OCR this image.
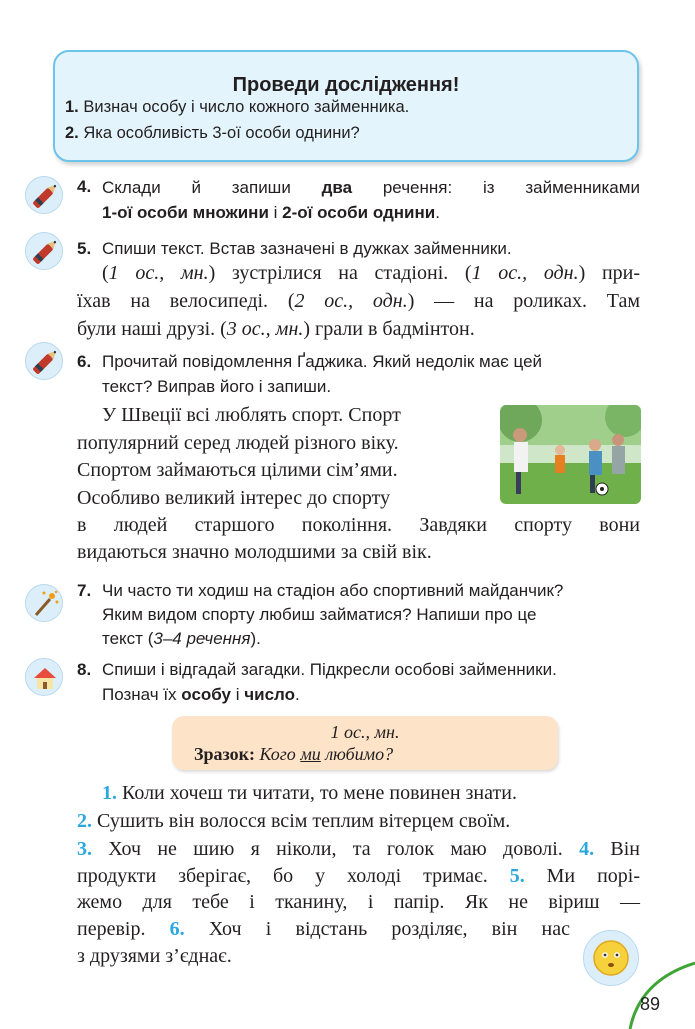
Проведи дослідження!
1. Визнач особу і число кожного займенника.
2. Яка особливість 3-ої особи однини?
4. Склади й запиши два речення: із займенниками
1-ої особи множини і 2-ої особи однини.
5. Спиши текст. Встав зазначені в дужках займенники.
(1 ос., мн.) зустрілися на стадіоні. (1 ос., одн.) при-
їхав на велосипеді. (2 ос., одн.) — на роликах. Там
були наші друзі. (3 ос., мн.) грали в бадмінтон.
6. Прочитай повідомлення Ґаджика. Який недолік має цей
текст? Виправ його і запиши.
У Швеції всі люблять спорт. Спорт
популярний серед людей різного віку.
Спортом займаються цілими сім’ями.
Особливо великий інтерес до спорту
в людей старшого покоління. Завдяки спорту вони
видаються значно молодшими за свій вік.
7. Чи часто ти ходиш на стадіон або спортивний майданчик?
Яким видом спорту любиш займатися? Напиши про це
текст (3–4 речення).
8. Спиши і відгадай загадки. Підкресли особові займенники.
Познач їх особу і число.
1 ос., мн.
Зразок: Кого ми любимо?
1. Коли хочеш ти читати, то мене повинен знати.
2. Сушить він волосся всім теплим вітерцем своїм.
3. Хоч не шию я ніколи, та голок маю доволі. 4. Він
продукти зберігає, бо у холоді тримає. 5. Ми порі-
жемо для тебе і тканину, і папір. Як не віриш —
перевір. 6. Хоч і відстань розділяє, він нас
з друзями з’єднає.
89
